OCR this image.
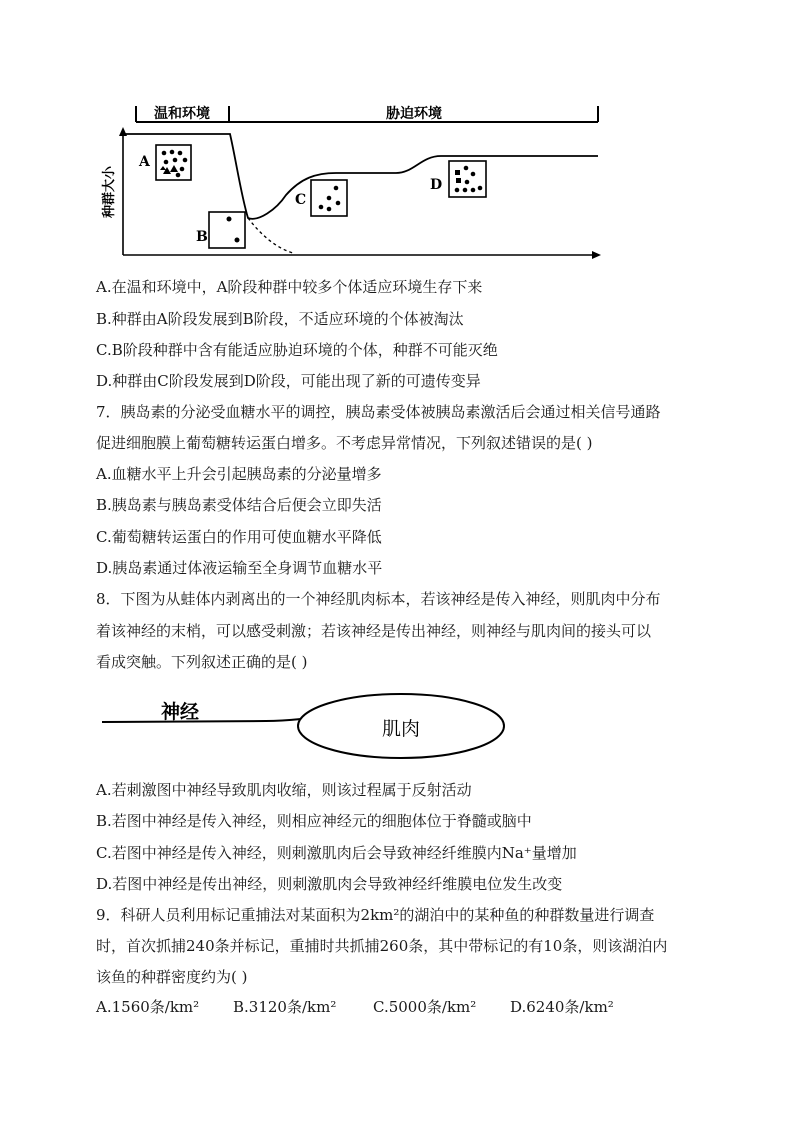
温和环境	胁迫环境
种群大小
A
B
C
D
A.在温和环境中，A阶段种群中较多个体适应环境生存下来
B.种群由A阶段发展到B阶段，不适应环境的个体被淘汰
C.B阶段种群中含有能适应胁迫环境的个体，种群不可能灭绝
D.种群由C阶段发展到D阶段，可能出现了新的可遗传变异
7．胰岛素的分泌受血糖水平的调控，胰岛素受体被胰岛素激活后会通过相关信号通路
促进细胞膜上葡萄糖转运蛋白增多。不考虑异常情况，下列叙述错误的是( )
A.血糖水平上升会引起胰岛素的分泌量增多
B.胰岛素与胰岛素受体结合后便会立即失活
C.葡萄糖转运蛋白的作用可使血糖水平降低
D.胰岛素通过体液运输至全身调节血糖水平
8．下图为从蛙体内剥离出的一个神经肌肉标本，若该神经是传入神经，则肌肉中分布
着该神经的末梢，可以感受刺激；若该神经是传出神经，则神经与肌肉间的接头可以
看成突触。下列叙述正确的是( )
神经
肌肉
A.若刺激图中神经导致肌肉收缩，则该过程属于反射活动
B.若图中神经是传入神经，则相应神经元的细胞体位于脊髓或脑中
C.若图中神经是传入神经，则刺激肌肉后会导致神经纤维膜内Na⁺量增加
D.若图中神经是传出神经，则刺激肌肉会导致神经纤维膜电位发生改变
9．科研人员利用标记重捕法对某面积为2km²的湖泊中的某种鱼的种群数量进行调查
时，首次抓捕240条并标记，重捕时共抓捕260条，其中带标记的有10条，则该湖泊内
该鱼的种群密度约为( )
A.1560条/km² B.3120条/km² C.5000条/km² D.6240条/km²
